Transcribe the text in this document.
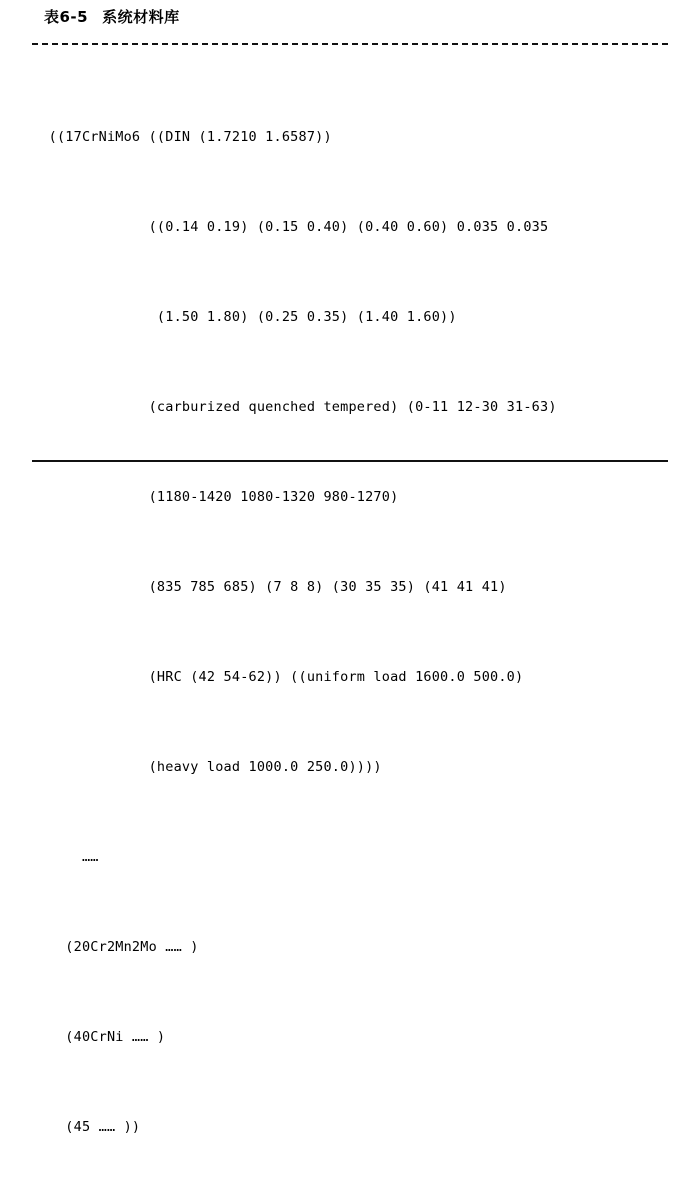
表6-5 系统材料库

((17CrNiMo6 ((DIN (1.7210 1.6587))

((0.14 0.19) (0.15 0.40) (0.40 0.60) 0.035 0.035

(1.50 1.80) (0.25 0.35) (1.40 1.60))

(carburized quenched tempered) (0-11 12-30 31-63)

(1180-1420 1080-1320 980-1270)

(835 785 685) (7 8 8) (30 35 35) (41 41 41)

(HRC (42 54-62)) ((uniform load 1600.0 500.0)

(heavy load 1000.0 250.0))))

……

(20Cr2Mn2Mo …… )

(40CrNi …… )

(45 …… ))
